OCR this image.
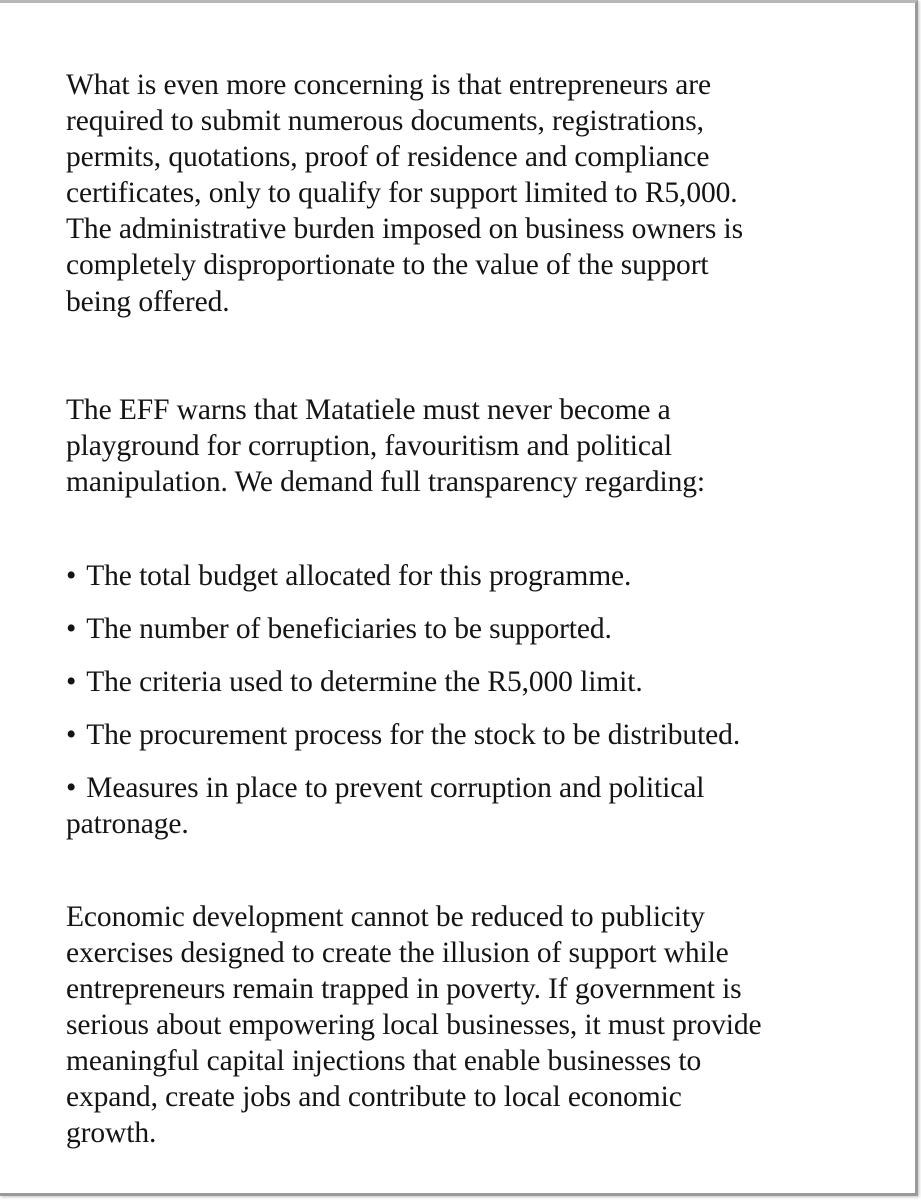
What is even more concerning is that entrepreneurs are
required to submit numerous documents, registrations,
permits, quotations, proof of residence and compliance
certificates, only to qualify for support limited to R5,000.
The administrative burden imposed on business owners is
completely disproportionate to the value of the support
being offered.

The EFF warns that Matatiele must never become a
playground for corruption, favouritism and political
manipulation. We demand full transparency regarding:

• The total budget allocated for this programme.
• The number of beneficiaries to be supported.
• The criteria used to determine the R5,000 limit.
• The procurement process for the stock to be distributed.
• Measures in place to prevent corruption and political
patronage.

Economic development cannot be reduced to publicity
exercises designed to create the illusion of support while
entrepreneurs remain trapped in poverty. If government is
serious about empowering local businesses, it must provide
meaningful capital injections that enable businesses to
expand, create jobs and contribute to local economic
growth.
